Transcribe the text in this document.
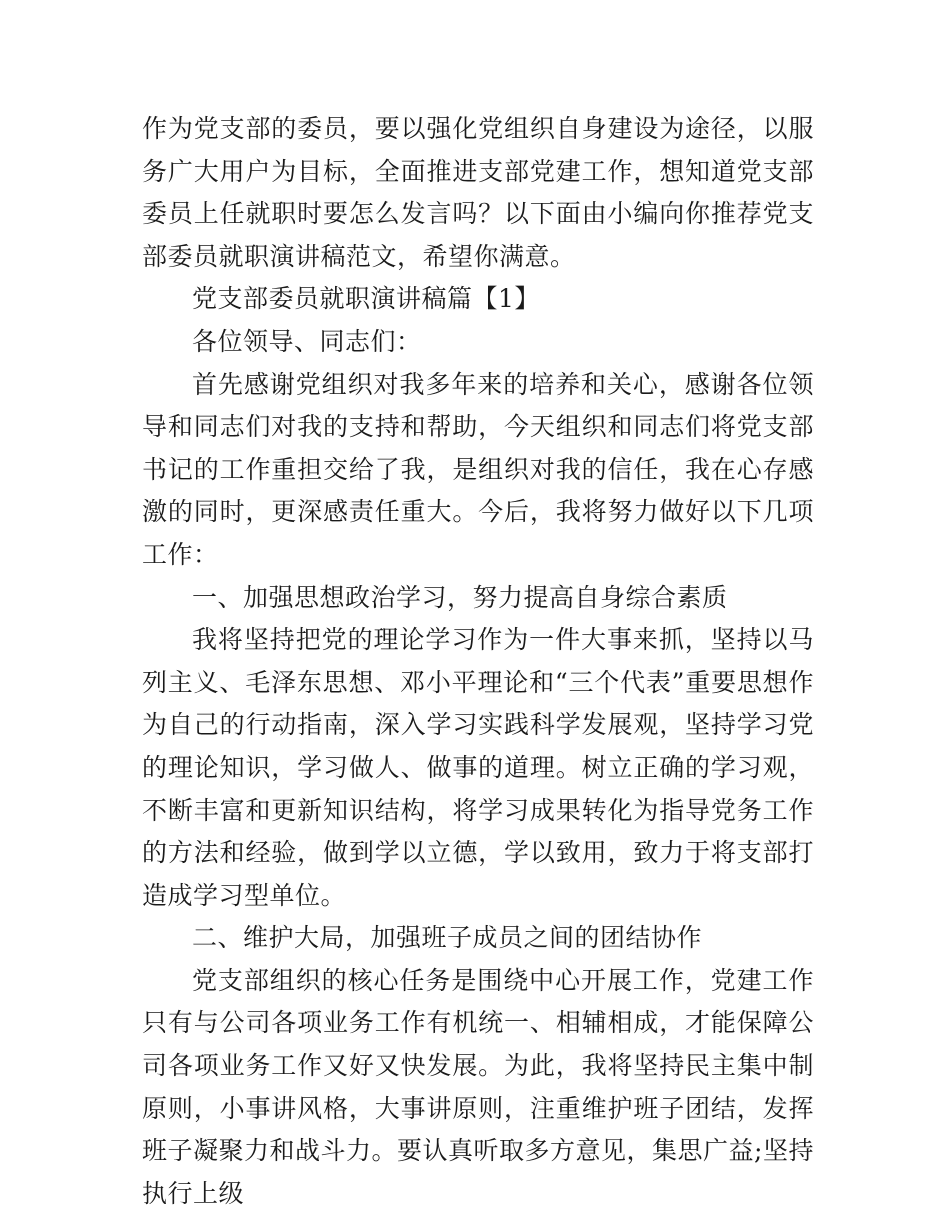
作为党支部的委员，要以强化党组织自身建设为途径，以服务广大用户为目标，全面推进支部党建工作，想知道党支部委员上任就职时要怎么发言吗？以下面由小编向你推荐党支部委员就职演讲稿范文，希望你满意。

党支部委员就职演讲稿篇【1】

各位领导、同志们：

首先感谢党组织对我多年来的培养和关心，感谢各位领导和同志们对我的支持和帮助，今天组织和同志们将党支部书记的工作重担交给了我，是组织对我的信任，我在心存感激的同时，更深感责任重大。今后，我将努力做好以下几项工作：

一、加强思想政治学习，努力提高自身综合素质

我将坚持把党的理论学习作为一件大事来抓，坚持以马列主义、毛泽东思想、邓小平理论和“三个代表”重要思想作为自己的行动指南，深入学习实践科学发展观，坚持学习党的理论知识，学习做人、做事的道理。树立正确的学习观，不断丰富和更新知识结构，将学习成果转化为指导党务工作的方法和经验，做到学以立德，学以致用，致力于将支部打造成学习型单位。

二、维护大局，加强班子成员之间的团结协作

党支部组织的核心任务是围绕中心开展工作，党建工作只有与公司各项业务工作有机统一、相辅相成，才能保障公司各项业务工作又好又快发展。为此，我将坚持民主集中制原则，小事讲风格，大事讲原则，注重维护班子团结，发挥班子凝聚力和战斗力。要认真听取多方意见，集思广益;坚持执行上级
